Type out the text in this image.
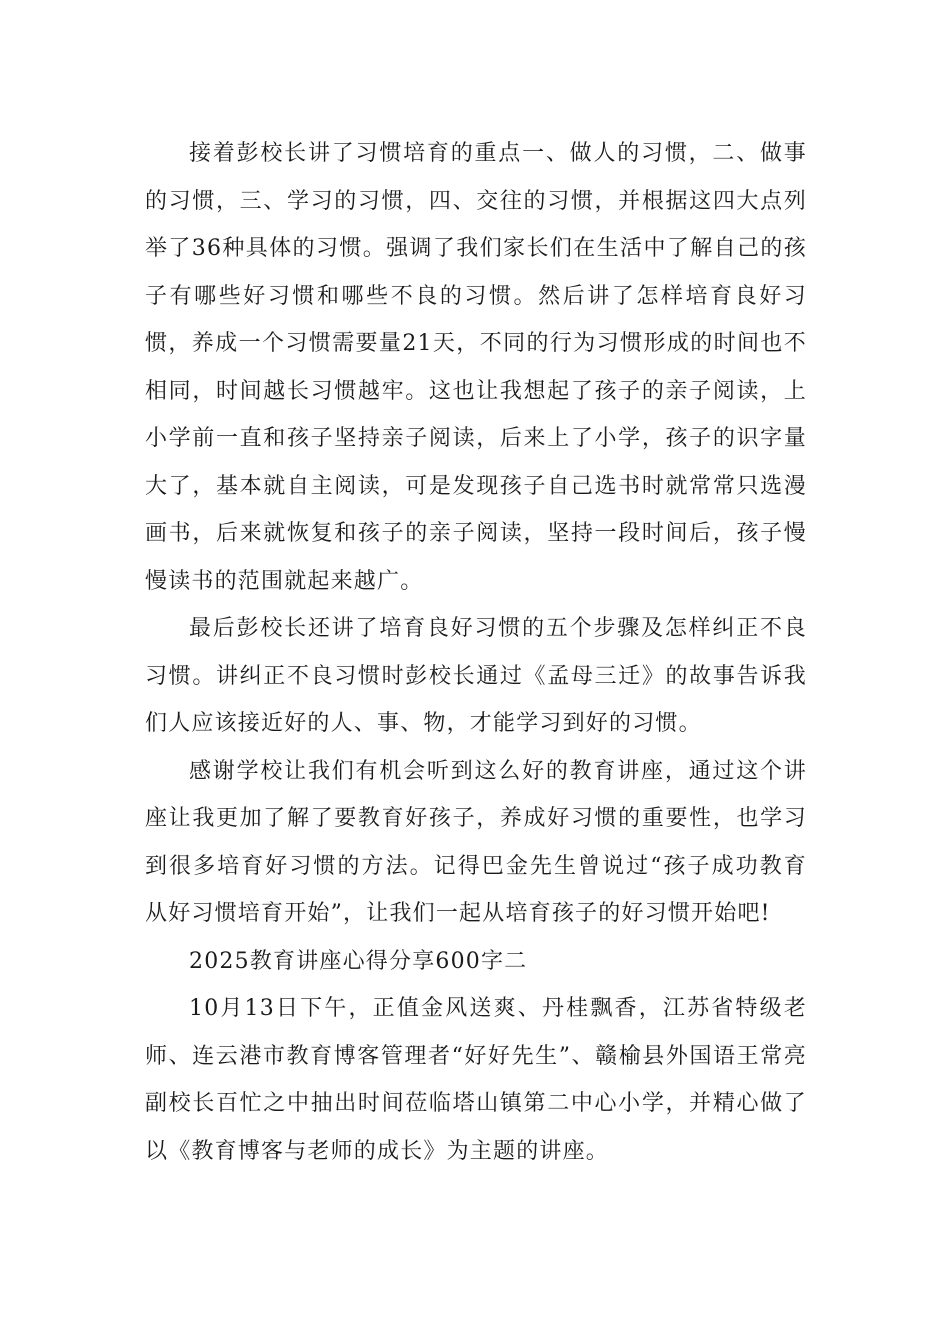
接着彭校长讲了习惯培育的重点一、做人的习惯，二、做事的习惯，三、学习的习惯，四、交往的习惯，并根据这四大点列举了36种具体的习惯。强调了我们家长们在生活中了解自己的孩子有哪些好习惯和哪些不良的习惯。然后讲了怎样培育良好习惯，养成一个习惯需要量21天，不同的行为习惯形成的时间也不相同，时间越长习惯越牢。这也让我想起了孩子的亲子阅读，上小学前一直和孩子坚持亲子阅读，后来上了小学，孩子的识字量大了，基本就自主阅读，可是发现孩子自己选书时就常常只选漫画书，后来就恢复和孩子的亲子阅读，坚持一段时间后，孩子慢慢读书的范围就起来越广。

最后彭校长还讲了培育良好习惯的五个步骤及怎样纠正不良习惯。讲纠正不良习惯时彭校长通过《孟母三迁》的故事告诉我们人应该接近好的人、事、物，才能学习到好的习惯。

感谢学校让我们有机会听到这么好的教育讲座，通过这个讲座让我更加了解了要教育好孩子，养成好习惯的重要性，也学习到很多培育好习惯的方法。记得巴金先生曾说过“孩子成功教育从好习惯培育开始”，让我们一起从培育孩子的好习惯开始吧!

2025教育讲座心得分享600字二

10月13日下午，正值金风送爽、丹桂飘香，江苏省特级老师、连云港市教育博客管理者“好好先生”、赣榆县外国语王常亮副校长百忙之中抽出时间莅临塔山镇第二中心小学，并精心做了以《教育博客与老师的成长》为主题的讲座。
